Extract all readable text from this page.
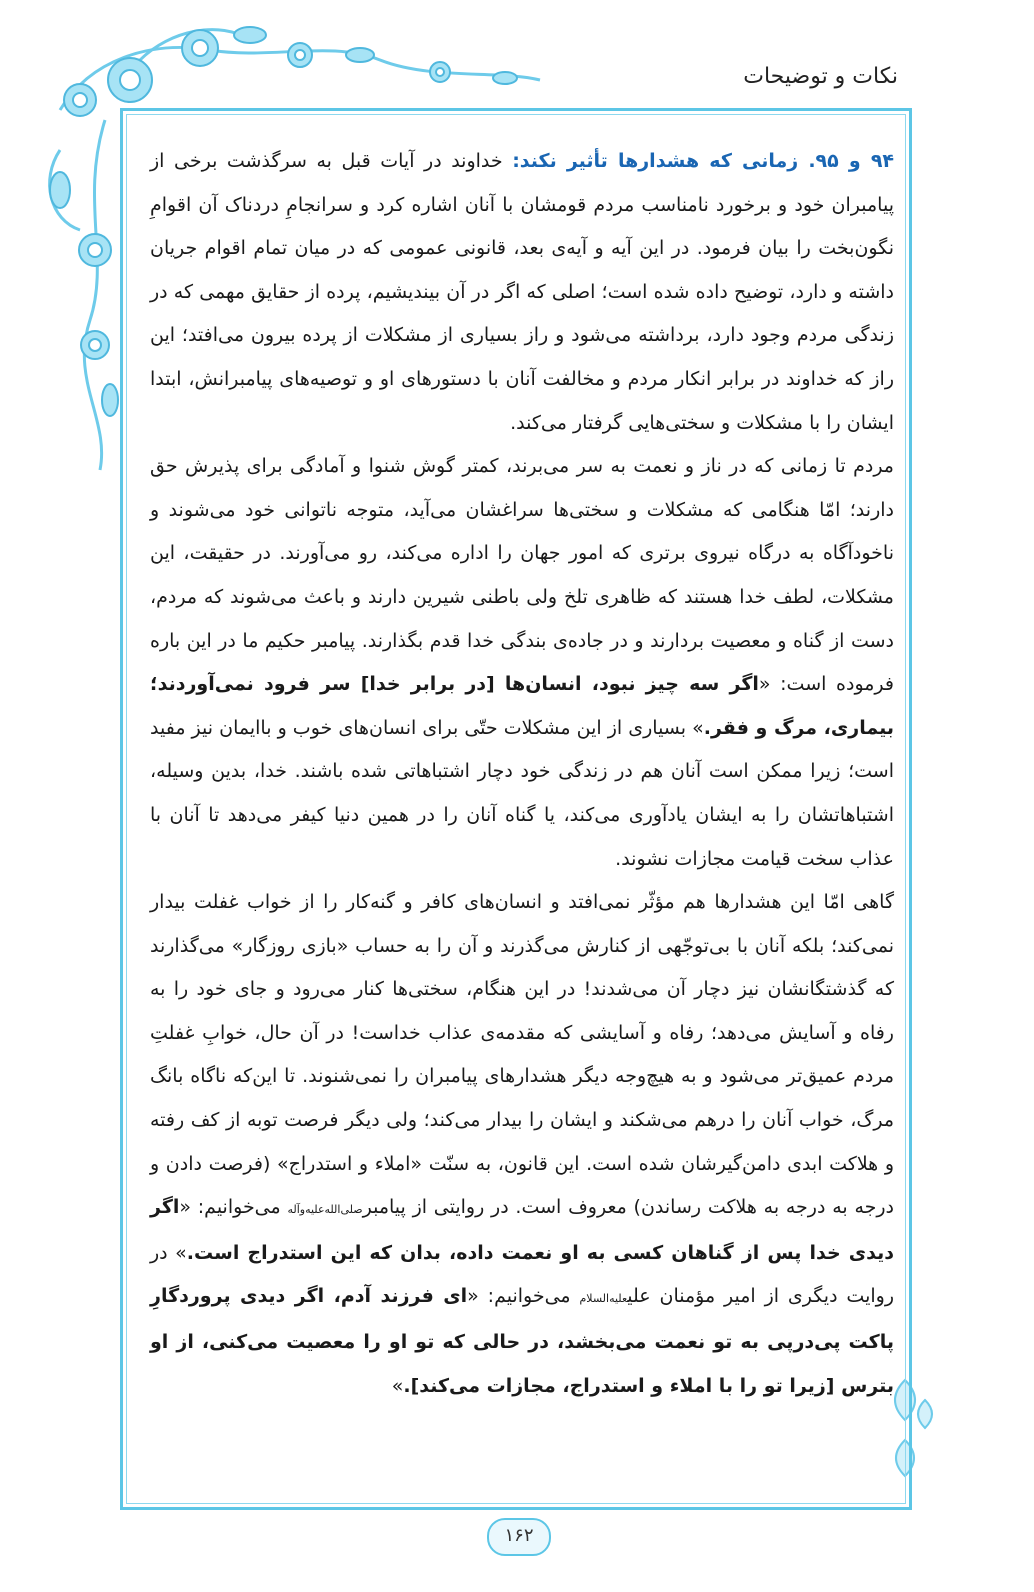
نکات و توضیحات

۹۴ و ۹۵. زمانی که هشدارها تأثیر نکند: خداوند در آیات قبل به سرگذشت برخی از پیامبران خود و برخورد نامناسب مردم قومشان با آنان اشاره کرد و سرانجامِ دردناک آن اقوامِ نگون‌بخت را بیان فرمود. در این آیه و آیه‌ی بعد، قانونی عمومی که در میان تمام اقوام جریان داشته و دارد، توضیح داده شده است؛ اصلی که اگر در آن بیندیشیم، پرده از حقایق مهمی که در زندگی مردم وجود دارد، برداشته می‌شود و راز بسیاری از مشکلات از پرده بیرون می‌افتد؛ این راز که خداوند در برابر انکار مردم و مخالفت آنان با دستورهای او و توصیه‌های پیامبرانش، ابتدا ایشان را با مشکلات و سختی‌هایی گرفتار می‌کند.

مردم تا زمانی که در ناز و نعمت به سر می‌برند، کمتر گوش شنوا و آمادگی برای پذیرش حق دارند؛ امّا هنگامی که مشکلات و سختی‌ها سراغشان می‌آید، متوجه ناتوانی خود می‌شوند و ناخودآگاه به درگاه نیروی برتری که امور جهان را اداره می‌کند، رو می‌آورند. در حقیقت، این مشکلات، لطف خدا هستند که ظاهری تلخ ولی باطنی شیرین دارند و باعث می‌شوند که مردم، دست از گناه و معصیت بردارند و در جاده‌ی بندگی خدا قدم بگذارند. پیامبر حکیم ما در این باره فرموده است: «اگر سه چیز نبود، انسان‌ها [در برابر خدا] سر فرود نمی‌آوردند؛ بیماری، مرگ و فقر.» بسیاری از این مشکلات حتّی برای انسان‌های خوب و باایمان نیز مفید است؛ زیرا ممکن است آنان هم در زندگی خود دچار اشتباهاتی شده باشند. خدا، بدین وسیله، اشتباهاتشان را به ایشان یادآوری می‌کند، یا گناه آنان را در همین دنیا کیفر می‌دهد تا آنان با عذاب سخت قیامت مجازات نشوند.

گاهی امّا این هشدارها هم مؤثّر نمی‌افتد و انسان‌های کافر و گنه‌کار را از خواب غفلت بیدار نمی‌کند؛ بلکه آنان با بی‌توجّهی از کنارش می‌گذرند و آن را به حساب «بازی روزگار» می‌گذارند که گذشتگانشان نیز دچار آن می‌شدند! در این هنگام، سختی‌ها کنار می‌رود و جای خود را به رفاه و آسایش می‌دهد؛ رفاه و آسایشی که مقدمه‌ی عذاب خداست! در آن حال، خوابِ غفلتِ مردم عمیق‌تر می‌شود و به هیچ‌وجه دیگر هشدارهای پیامبران را نمی‌شنوند. تا این‌که ناگاه بانگ مرگ، خواب آنان را درهم می‌شکند و ایشان را بیدار می‌کند؛ ولی دیگر فرصت توبه از کف رفته و هلاکت ابدی دامن‌گیرشان شده است. این قانون، به سنّت «املاء و استدراج» (فرصت دادن و درجه به درجه به هلاکت رساندن) معروف است. در روایتی از پیامبرصلی‌الله‌علیه‌وآله می‌خوانیم: «اگر دیدی خدا پس از گناهان کسی به او نعمت داده، بدان که این استدراج است.» در روایت دیگری از امیر مؤمنان علیعلیه‌السلام می‌خوانیم: «ای فرزند آدم، اگر دیدی پروردگارِ پاکت پی‌درپی به تو نعمت می‌بخشد، در حالی که تو او را معصیت می‌کنی، از او بترس [زیرا تو را با املاء و استدراج، مجازات می‌کند].»

۱۶۲
